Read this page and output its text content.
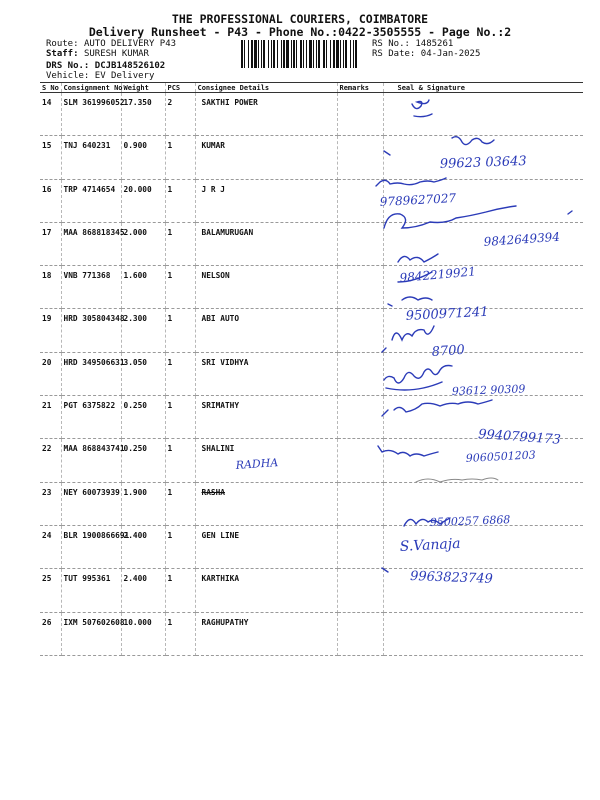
THE PROFESSIONAL COURIERS, COIMBATORE
Delivery Runsheet - P43 - Phone No.:0422-3505555 - Page No.:2
Route: AUTO DELIVERY P43
Staff: SURESH KUMAR
DRS No.: DCJB148526102
Vehicle: EV Delivery
RS No.: 1485261
RS Date: 04-Jan-2025
S No	Consignment No	Weight	PCS	Consignee Details	Remarks	Seal & Signature
14	SLM 361996052	17.350	2	SAKTHI POWER		
15	TNJ 640231	0.900	1	KUMAR		
16	TRP 4714654	20.000	1	J R J		
17	MAA 868818345	2.000	1	BALAMURUGAN		
18	VNB 771368	1.600	1	NELSON		
19	HRD 305804348	2.300	1	ABI AUTO		
20	HRD 349506631	3.050	1	SRI VIDHYA		
21	PGT 6375822	0.250	1	SRIMATHY		
22	MAA 868843741	0.250	1	SHALINI		
23	NEY 60073939	1.900	1	RASHA		
24	BLR 1900866691	2.400	1	GEN LINE		
25	TUT 995361	2.400	1	KARTHIKA		
26	IXM 507602608	10.000	1	RAGHUPATHY		
RADHA
99623 03643
9789627027
9842649394
9842219921
9500971241
8700
93612 90309
9940799173
9060501203
9500257 6868
S.Vanaja
9963823749
